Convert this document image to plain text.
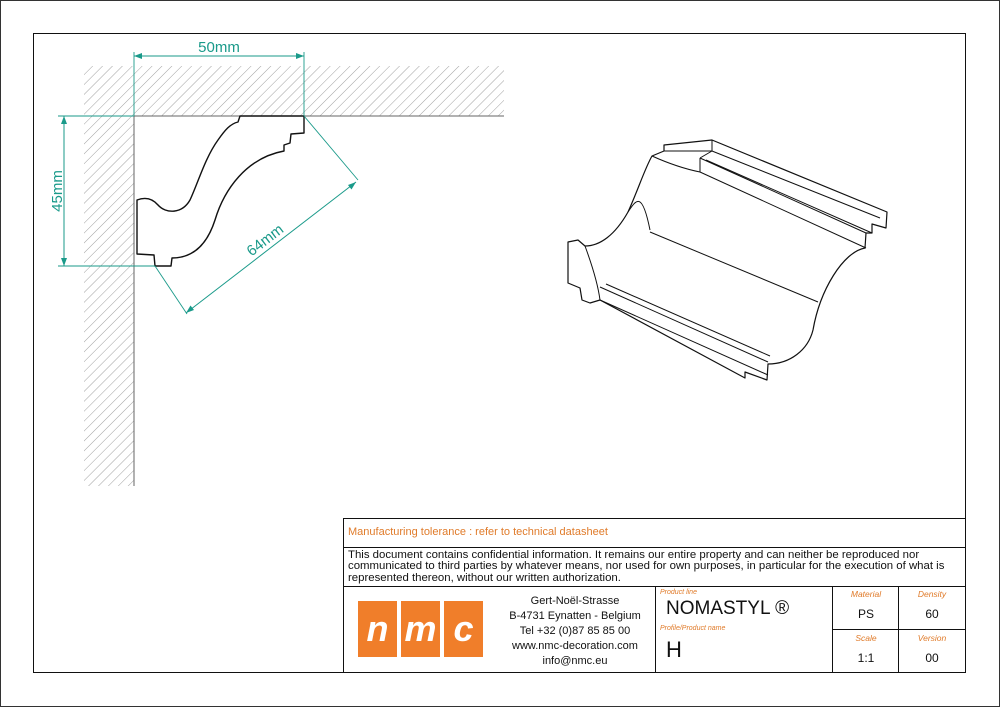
50mm
45mm
64mm
Manufacturing tolerance : refer to technical datasheet
This document contains confidential information. It remains our entire property and can neither be reproduced nor communicated to third parties by whatever means, nor used for own purposes, in particular for the execution of what is represented thereon, without our written authorization.
n m c
Gert-Noël-Strasse
B-4731 Eynatten - Belgium
Tel +32 (0)87 85 85 00
www.nmc-decoration.com
info@nmc.eu
Product line
NOMASTYL ®
Profile/Product name
H
Material
PS
Density
60
Scale
1:1
Version
00
